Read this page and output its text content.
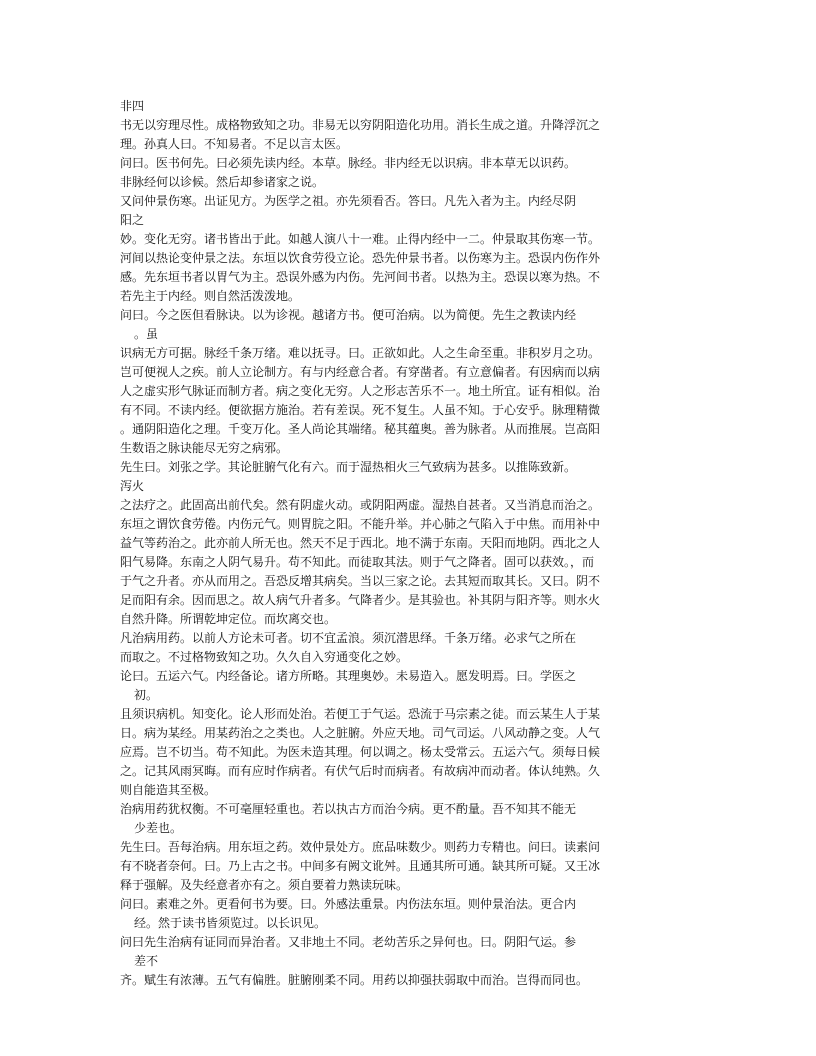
非四
书无以穷理尽性。成格物致知之功。非易无以穷阴阳造化功用。消长生成之道。升降浮沉之
理。孙真人曰。不知易者。不足以言太医。
问曰。医书何先。曰必须先读内经。本草。脉经。非内经无以识病。非本草无以识药。
非脉经何以诊候。然后却参诸家之说。
又问仲景伤寒。出证见方。为医学之祖。亦先须看否。答曰。凡先入者为主。内经尽阴
阳之
妙。变化无穷。诸书皆出于此。如越人演八十一难。止得内经中一二。仲景取其伤寒一节。
河间以热论变仲景之法。东垣以饮食劳役立论。恐先仲景书者。以伤寒为主。恐误内伤作外
感。先东垣书者以胃气为主。恐误外感为内伤。先河间书者。以热为主。恐误以寒为热。不
若先主于内经。则自然活泼泼地。
问曰。今之医但看脉诀。以为诊视。越诸方书。便可治病。以为简便。先生之教读内经
。虽
识病无方可据。脉经千条万绪。难以抚寻。曰。正欲如此。人之生命至重。非积岁月之功。
岂可便视人之疾。前人立论制方。有与内经意合者。有穿凿者。有立意偏者。有因病而以病
人之虚实形气脉证而制方者。病之变化无穷。人之形志苦乐不一。地土所宜。证有相似。治
有不同。不读内经。便欲据方施治。若有差误。死不复生。人虽不知。于心安乎。脉理精微
。通阴阳造化之理。千变万化。圣人尚论其端绪。秘其蕴奥。善为脉者。从而推展。岂高阳
生数语之脉诀能尽无穷之病邪。
先生曰。刘张之学。其论脏腑气化有六。而于湿热相火三气致病为甚多。以推陈致新。
泻火
之法疗之。此固高出前代矣。然有阴虚火动。或阴阳两虚。湿热自甚者。又当消息而治之。
东垣之谓饮食劳倦。内伤元气。则胃脘之阳。不能升举。并心肺之气陷入于中焦。而用补中
益气等药治之。此亦前人所无也。然天不足于西北。地不满于东南。天阳而地阴。西北之人
阳气易降。东南之人阴气易升。苟不知此。而徒取其法。则于气之降者。固可以获效。，而
于气之升者。亦从而用之。吾恐反增其病矣。当以三家之论。去其短而取其长。又曰。阴不
足而阳有余。因而思之。故人病气升者多。气降者少。是其验也。补其阴与阳齐等。则水火
自然升降。所谓乾坤定位。而坎离交也。
凡治病用药。以前人方论未可者。切不宜孟浪。须沉潜思绎。千条万绪。必求气之所在
而取之。不过格物致知之功。久久自入穷通变化之妙。
论曰。五运六气。内经备论。诸方所略。其理奥妙。未易造入。愿发明焉。曰。学医之
初。
且须识病机。知变化。论人形而处治。若便工于气运。恐流于马宗素之徒。而云某生人于某
日。病为某经。用某药治之之类也。人之脏腑。外应天地。司气司运。八风动静之变。人气
应焉。岂不切当。苟不知此。为医未造其理。何以调之。杨太受常云。五运六气。须每日候
之。记其风雨冥晦。而有应时作病者。有伏气后时而病者。有故病冲而动者。体认纯熟。久
则自能造其至极。
治病用药犹权衡。不可毫厘轻重也。若以执古方而治今病。更不酌量。吾不知其不能无
少差也。
先生曰。吾每治病。用东垣之药。效仲景处方。庶品味数少。则药力专精也。问曰。读素问
有不晓者奈何。曰。乃上古之书。中间多有阙文讹舛。且通其所可通。缺其所可疑。又王冰
释于强解。及失经意者亦有之。须自要着力熟读玩味。
问曰。素难之外。更看何书为要。曰。外感法重景。内伤法东垣。则仲景治法。更合内
经。然于读书皆须览过。以长识见。
问曰先生治病有证同而异治者。又非地土不同。老幼苦乐之异何也。曰。阴阳气运。参
差不
齐。赋生有浓薄。五气有偏胜。脏腑刚柔不同。用药以抑强扶弱取中而治。岂得而同也。
